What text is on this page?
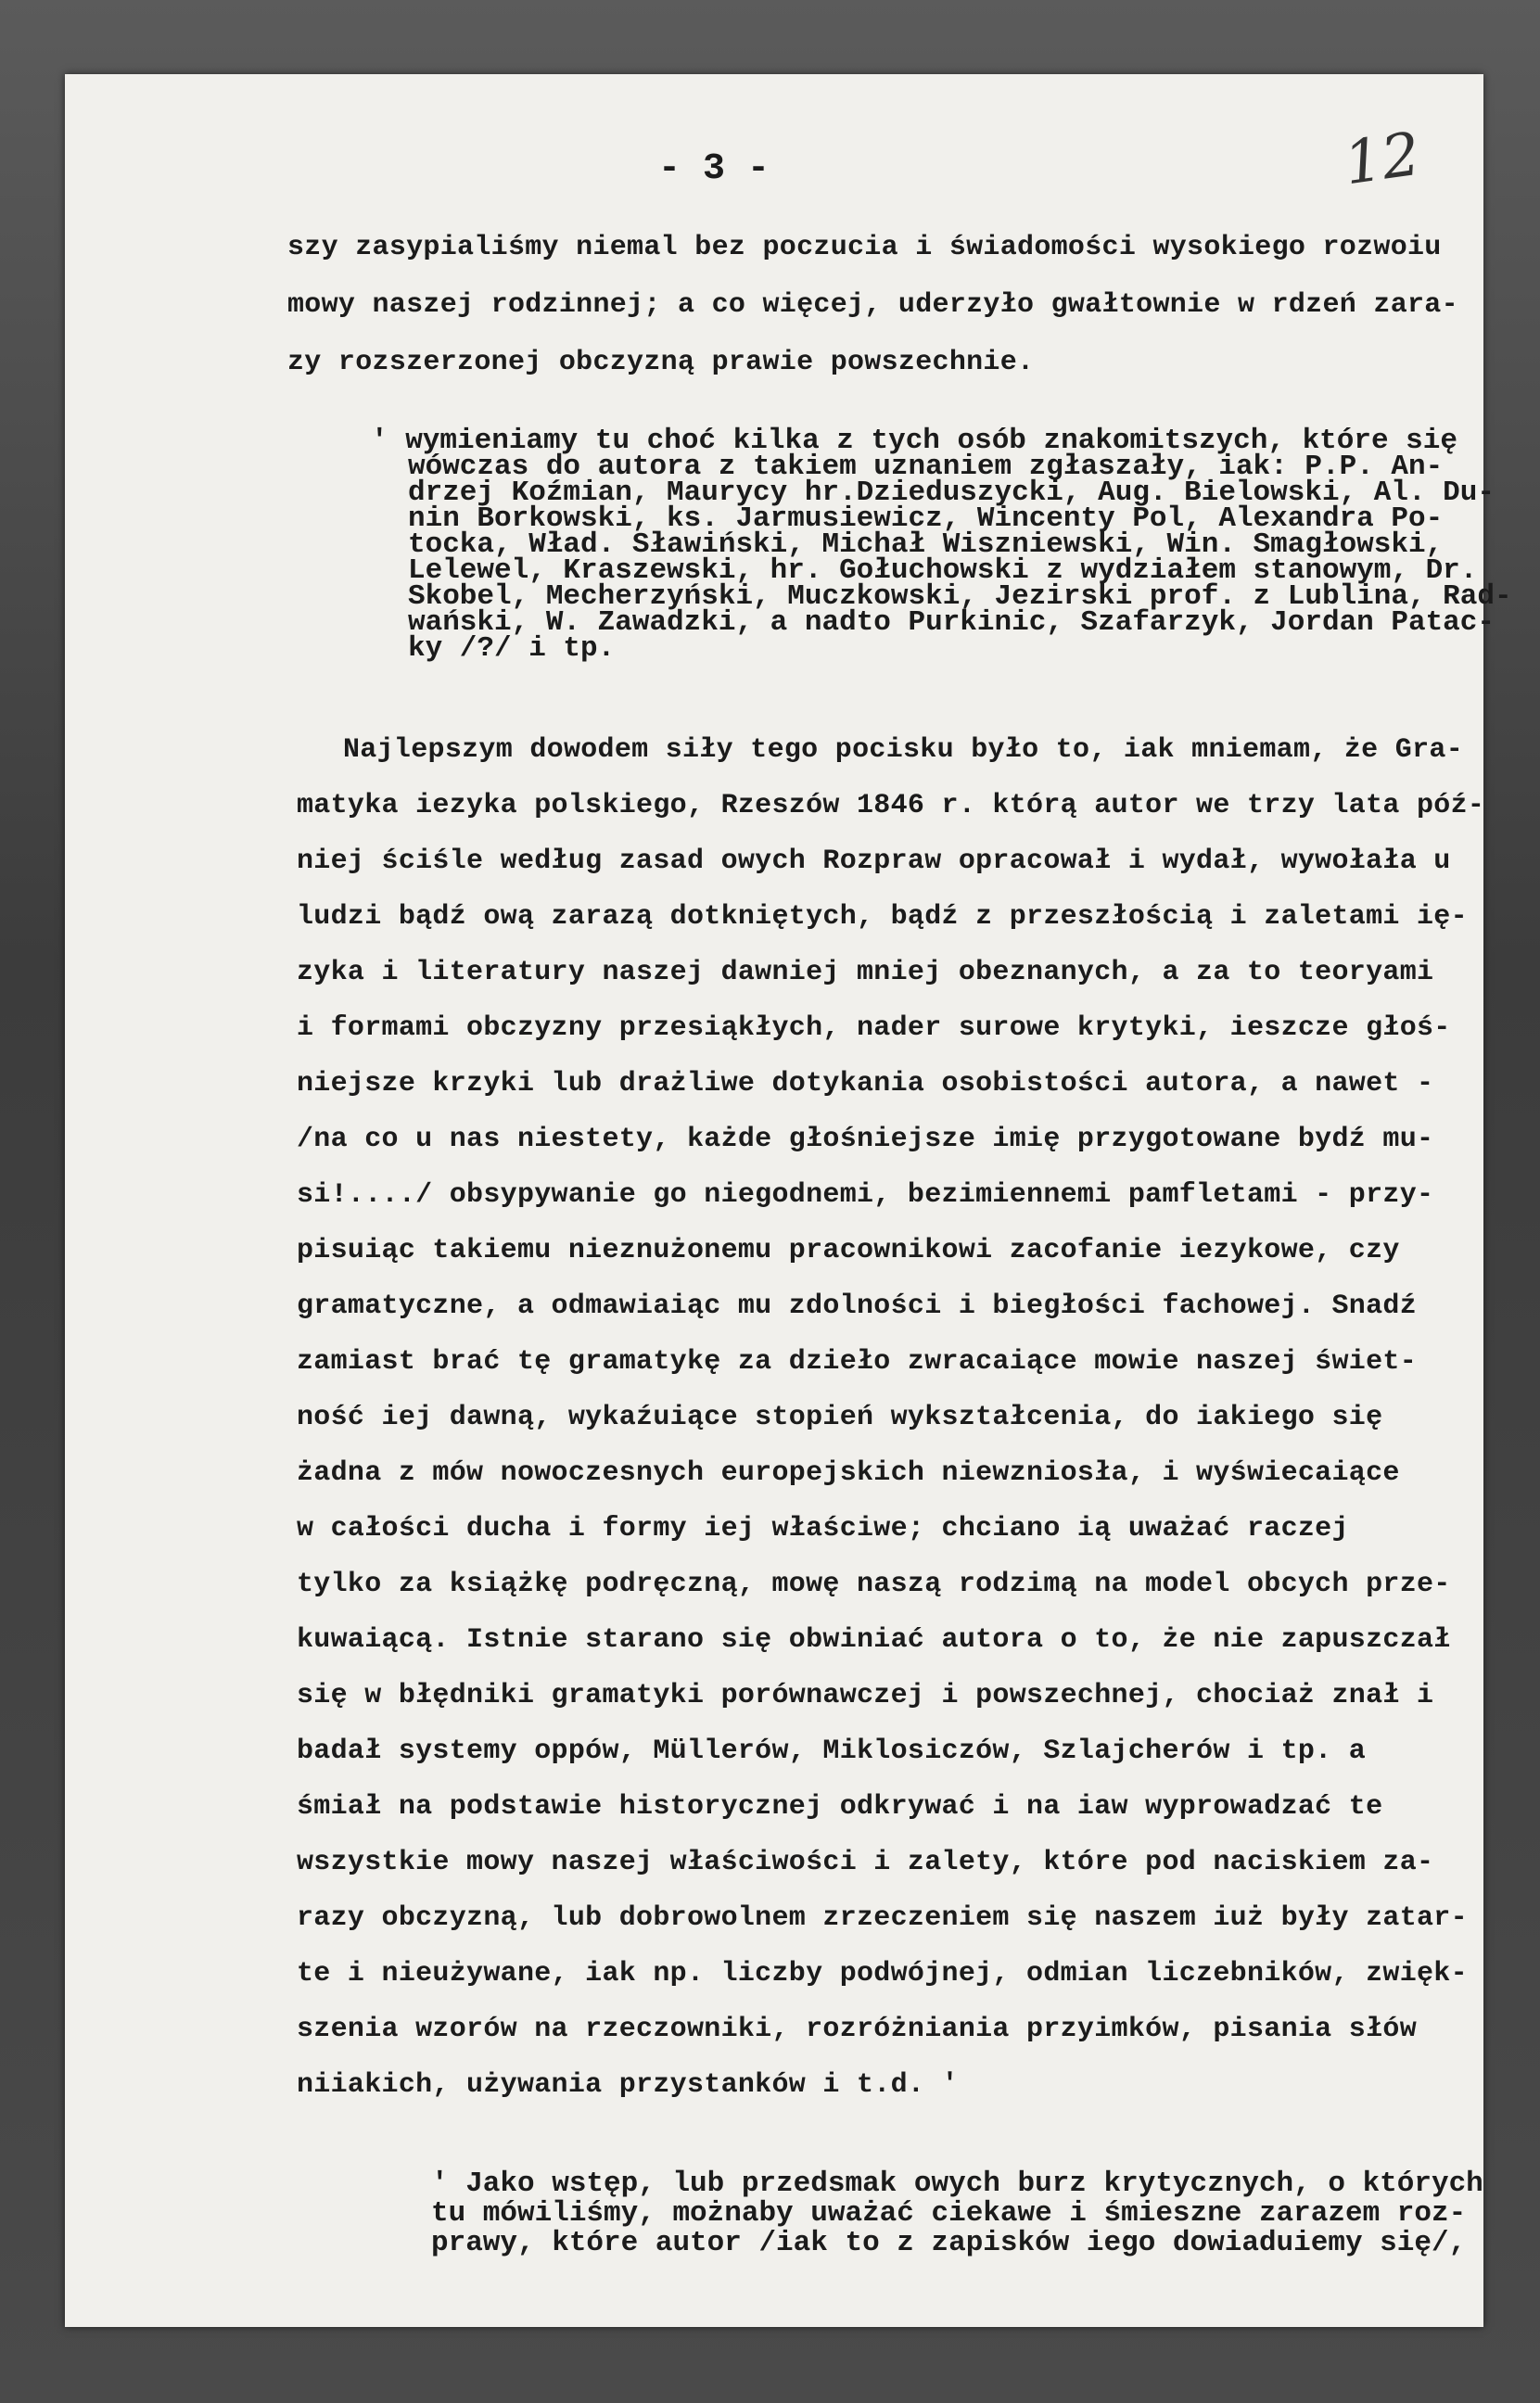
- 3 -	12
szy zasypialiśmy niemal bez poczucia i świadomości wysokiego rozwoiu
mowy naszej rodzinnej; a co więcej, uderzyło gwałtownie w rdzeń zara-
zy rozszerzonej obczyzną prawie powszechnie.
' wymieniamy tu choć kilka z tych osób znakomitszych, które się
wówczas do autora z takiem uznaniem zgłaszały, iak: P.P. An-
drzej Koźmian, Maurycy hr.Dzieduszycki, Aug. Bielowski, Al. Du-
nin Borkowski, ks. Jarmusiewicz, Wincenty Pol, Alexandra Po-
tocka, Wład. Sławiński, Michał Wiszniewski, Win. Smagłowski,
Lelewel, Kraszewski, hr. Gołuchowski z wydziałem stanowym, Dr.
Skobel, Mecherzyński, Muczkowski, Jezirski prof. z Lublina, Rad-
wański, W. Zawadzki, a nadto Purkinic, Szafarzyk, Jordan Patac-
ky /?/ i tp.
Najlepszym dowodem siły tego pocisku było to, iak mniemam, że Gra-
matyka iezyka polskiego, Rzeszów 1846 r. którą autor we trzy lata póź-
niej ściśle według zasad owych Rozpraw opracował i wydał, wywołała u
ludzi bądź ową zarazą dotkniętych, bądź z przeszłością i zaletami ię-
zyka i literatury naszej dawniej mniej obeznanych, a za to teoryami
i formami obczyzny przesiąkłych, nader surowe krytyki, ieszcze głoś-
niejsze krzyki lub drażliwe dotykania osobistości autora, a nawet -
/na co u nas niestety, każde głośniejsze imię przygotowane bydź mu-
si!..../ obsypywanie go niegodnemi, bezimiennemi pamfletami - przy-
pisuiąc takiemu nieznużonemu pracownikowi zacofanie iezykowe, czy
gramatyczne, a odmawiaiąc mu zdolności i biegłości fachowej. Snadź
zamiast brać tę gramatykę za dzieło zwracaiące mowie naszej świet-
ność iej dawną, wykaźuiące stopień wykształcenia, do iakiego się
żadna z mów nowoczesnych europejskich niewzniosła, i wyświecaiące
w całości ducha i formy iej właściwe; chciano ią uważać raczej
tylko za książkę podręczną, mowę naszą rodzimą na model obcych prze-
kuwaiącą. Istnie starano się obwiniać autora o to, że nie zapuszczał
się w błędniki gramatyki porównawczej i powszechnej, chociaż znał i
badał systemy oppów, Müllerów, Miklosiczów, Szlajcherów i tp. a
śmiał na podstawie historycznej odkrywać i na iaw wyprowadzać te
wszystkie mowy naszej właściwości i zalety, które pod naciskiem za-
razy obczyzną, lub dobrowolnem zrzeczeniem się naszem iuż były zatar-
te i nieużywane, iak np. liczby podwójnej, odmian liczebników, zwięk-
szenia wzorów na rzeczowniki, rozróżniania przyimków, pisania słów
niiakich, używania przystanków i t.d. '
' Jako wstęp, lub przedsmak owych burz krytycznych, o których
tu mówiliśmy, możnaby uważać ciekawe i śmieszne zarazem roz-
prawy, które autor /iak to z zapisków iego dowiaduiemy się/,
